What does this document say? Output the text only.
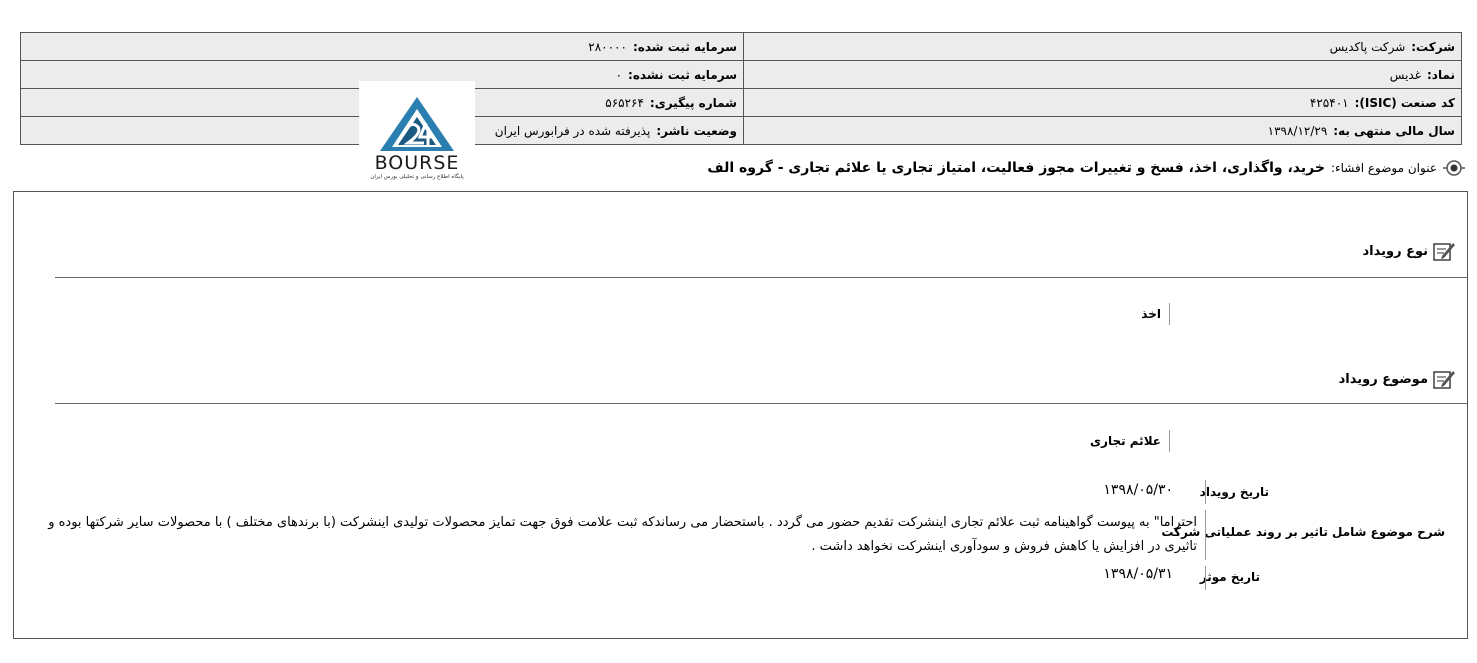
شرکت:شرکت پاکدیس	سرمایه ثبت شده:۲۸۰۰۰۰
نماد:غدیس	سرمایه ثبت نشده:۰
کد صنعت (ISIC):۴۲۵۴۰۱	شماره پیگیری:۵۶۵۲۶۴
سال مالی منتهی به:۱۳۹۸/۱۲/۲۹	وضعیت ناشر:پذیرفته شده در فرابورس ایران
BOURSE
پایگاه اطلاع رسانی و تحلیلی بورس ایران
عنوان موضوع افشاء:
خرید، واگذاری، اخذ، فسخ و تغییرات مجوز فعالیت، امتیاز تجاری یا علائم تجاری - گروه الف
نوع رویداد
اخذ
موضوع رویداد
علائم تجاری
تاریخ رویداد
۱۳۹۸/۰۵/۳۰
شرح موضوع شامل تاثیر بر روند عملیاتی شرکت
احتراما" به پیوست گواهینامه ثبت علائم تجاری اینشرکت تقدیم حضور می گردد . باستحضار می رساندکه ثبت علامت فوق جهت تمایز محصولات تولیدی اینشرکت (با برندهای مختلف ) با محصولات سایر شرکتها بوده و تاثیری در افزایش یا کاهش فروش و سودآوری اینشرکت نخواهد داشت .
تاریخ موثر
۱۳۹۸/۰۵/۳۱
